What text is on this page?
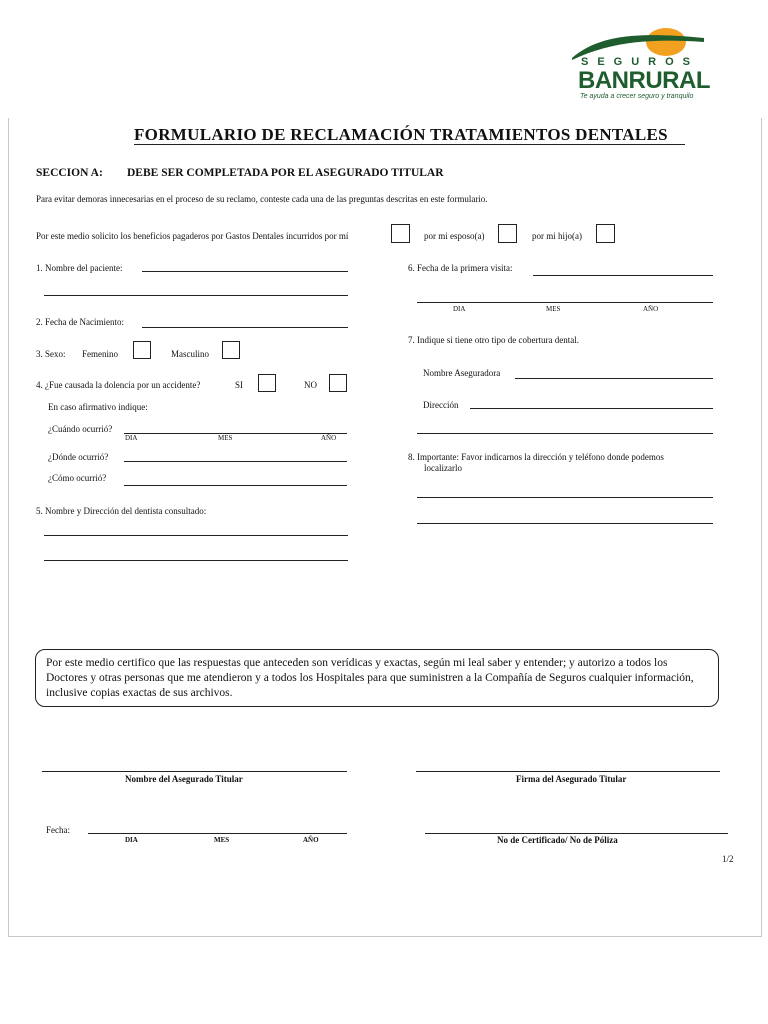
SEGUROS
BANRURAL
Te ayuda a crecer seguro y tranquilo
FORMULARIO DE RECLAMACIÓN TRATAMIENTOS DENTALES
SECCION A: DEBE SER COMPLETADA POR EL ASEGURADO TITULAR
Para evitar demoras innecesarias en el proceso de su reclamo, conteste cada una de las preguntas descritas en este formulario.
Por este medio solicito los beneficios pagaderos por Gastos Dentales incurridos por mí	por mi esposo(a)	por mi hijo(a)
1. Nombre del paciente:
2. Fecha de Nacimiento:
3. Sexo: Femenino	Masculino
4. ¿Fue causada la dolencia por un accidente?	SI	NO
En caso afirmativo indique:
¿Cuándo ocurrió?
DIA	MES	AÑO
¿Dónde ocurrió?
¿Cómo ocurrió?
5. Nombre y Dirección del dentista consultado:
6. Fecha de la primera visita:
DIA	MES	AÑO
7. Indique si tiene otro tipo de cobertura dental.
Nombre Aseguradora
Dirección
8. Importante: Favor indicarnos la dirección y teléfono donde podemos
localizarlo
Por este medio certifico que las respuestas que anteceden son verídicas y exactas, según mi leal saber y entender; y autorizo a todos los Doctores y otras personas que me atendieron y a todos los Hospitales para que suministren a la Compañía de Seguros cualquier información, inclusive copias exactas de sus archivos.
Nombre del Asegurado Titular	Firma del Asegurado Titular
Fecha:
DIA	MES	AÑO	No de Certificado/ No de Póliza
1/2
